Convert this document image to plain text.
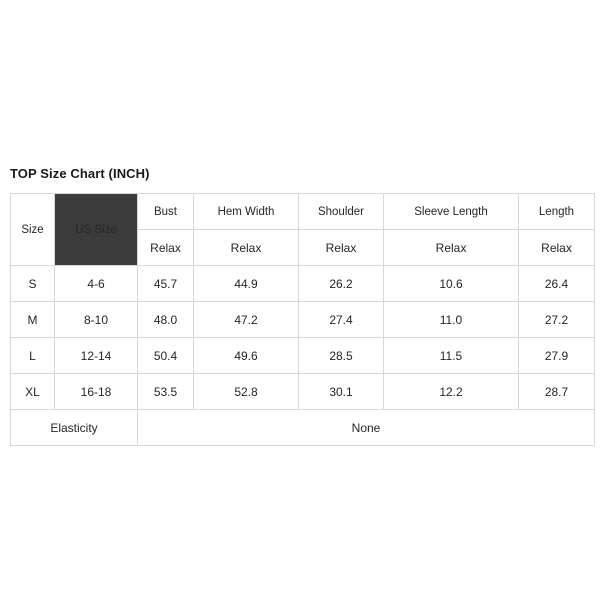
TOP Size Chart (INCH)
Size	US Size	Bust	Hem Width	Shoulder	Sleeve Length	Length
		Relax	Relax	Relax	Relax	Relax
S	4-6	45.7	44.9	26.2	10.6	26.4
M	8-10	48.0	47.2	27.4	11.0	27.2
L	12-14	50.4	49.6	28.5	11.5	27.9
XL	16-18	53.5	52.8	30.1	12.2	28.7
Elasticity		None				
